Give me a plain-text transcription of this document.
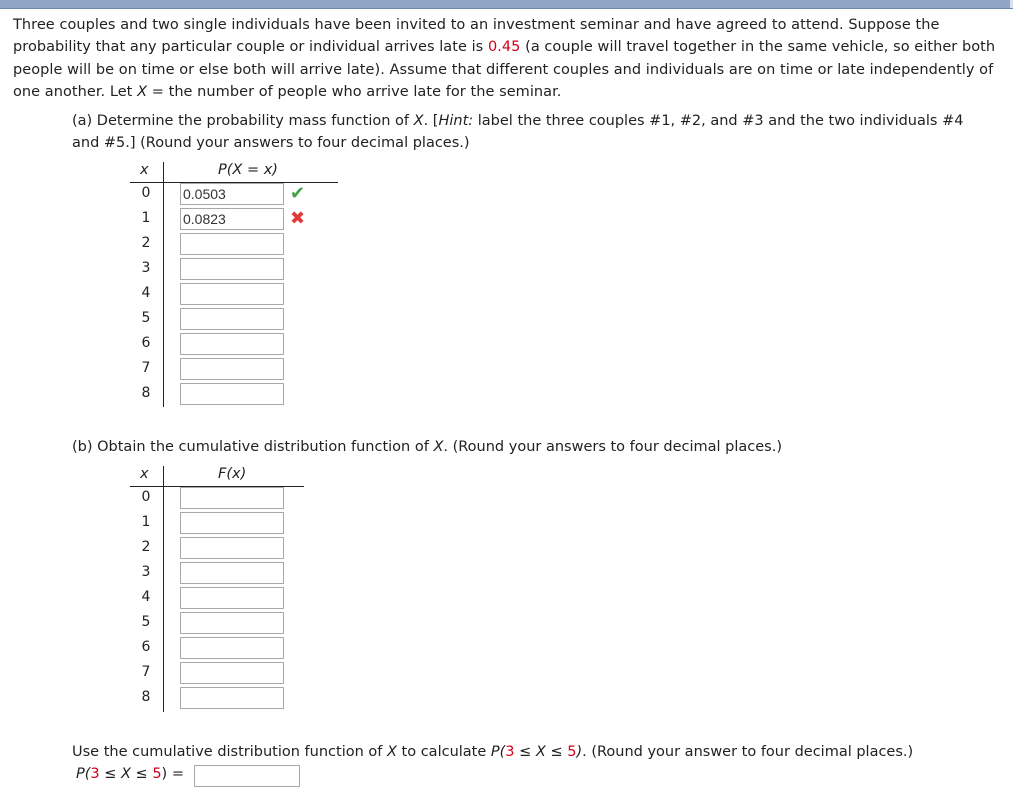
Three couples and two single individuals have been invited to an investment seminar and have agreed to attend. Suppose the probability that any particular couple or individual arrives late is 0.45 (a couple will travel together in the same vehicle, so either both people will be on time or else both will arrive late). Assume that different couples and individuals are on time or late independently of one another. Let X = the number of people who arrive late for the seminar.
(a) Determine the probability mass function of X. [Hint: label the three couples #1, #2, and #3 and the two individuals #4 and #5.] (Round your answers to four decimal places.)
x	P(X = x)
0 0.0503	✔
1 0.0823	✖
2
3
4
5
6
7
8
(b) Obtain the cumulative distribution function of X. (Round your answers to four decimal places.)
x	F(x)
0
1
2
3
4
5
6
7
8
Use the cumulative distribution function of X to calculate P(3 ≤ X ≤ 5). (Round your answer to four decimal places.)
P(3 ≤ X ≤ 5) =
